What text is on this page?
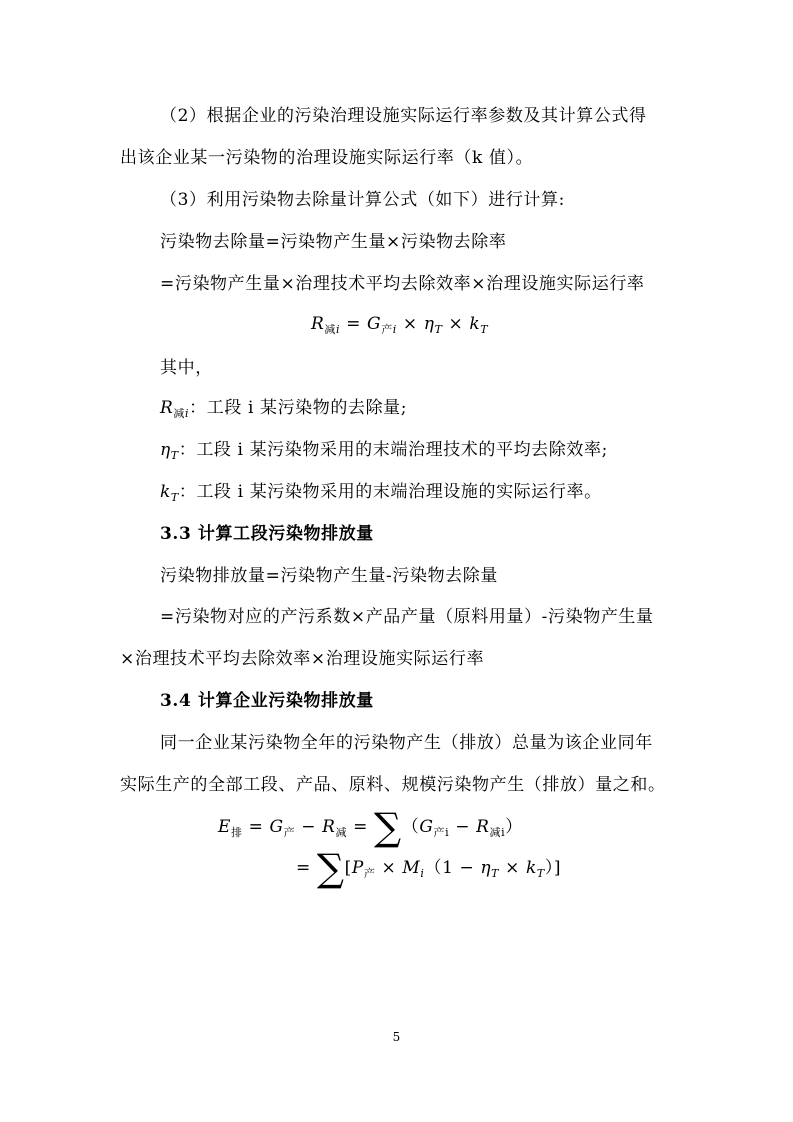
（2）根据企业的污染治理设施实际运行率参数及其计算公式得
出该企业某一污染物的治理设施实际运行率（k 值）。
（3）利用污染物去除量计算公式（如下）进行计算:
污染物去除量=污染物产生量×污染物去除率
=污染物产生量×治理技术平均去除效率×治理设施实际运行率
$R_{减i} = G_{产i} \times \eta_T \times k_T$
其中，
$R_{减i}$：工段 i 某污染物的去除量;
$\eta_T$：工段 i 某污染物采用的末端治理技术的平均去除效率;
$k_T$：工段 i 某污染物采用的末端治理设施的实际运行率。
3.3 计算工段污染物排放量
污染物排放量=污染物产生量-污染物去除量
=污染物对应的产污系数×产品产量（原料用量）-污染物产生量
×治理技术平均去除效率×治理设施实际运行率
3.4 计算企业污染物排放量
同一企业某污染物全年的污染物产生（排放）总量为该企业同年
实际生产的全部工段、产品、原料、规模污染物产生（排放）量之和。
$E_排 = G_产 - R_减 = \sum(G_{产i} - R_{减i})$
= $\sum[P_产 \times M_i(1 - \eta_T \times k_T)]$
5
